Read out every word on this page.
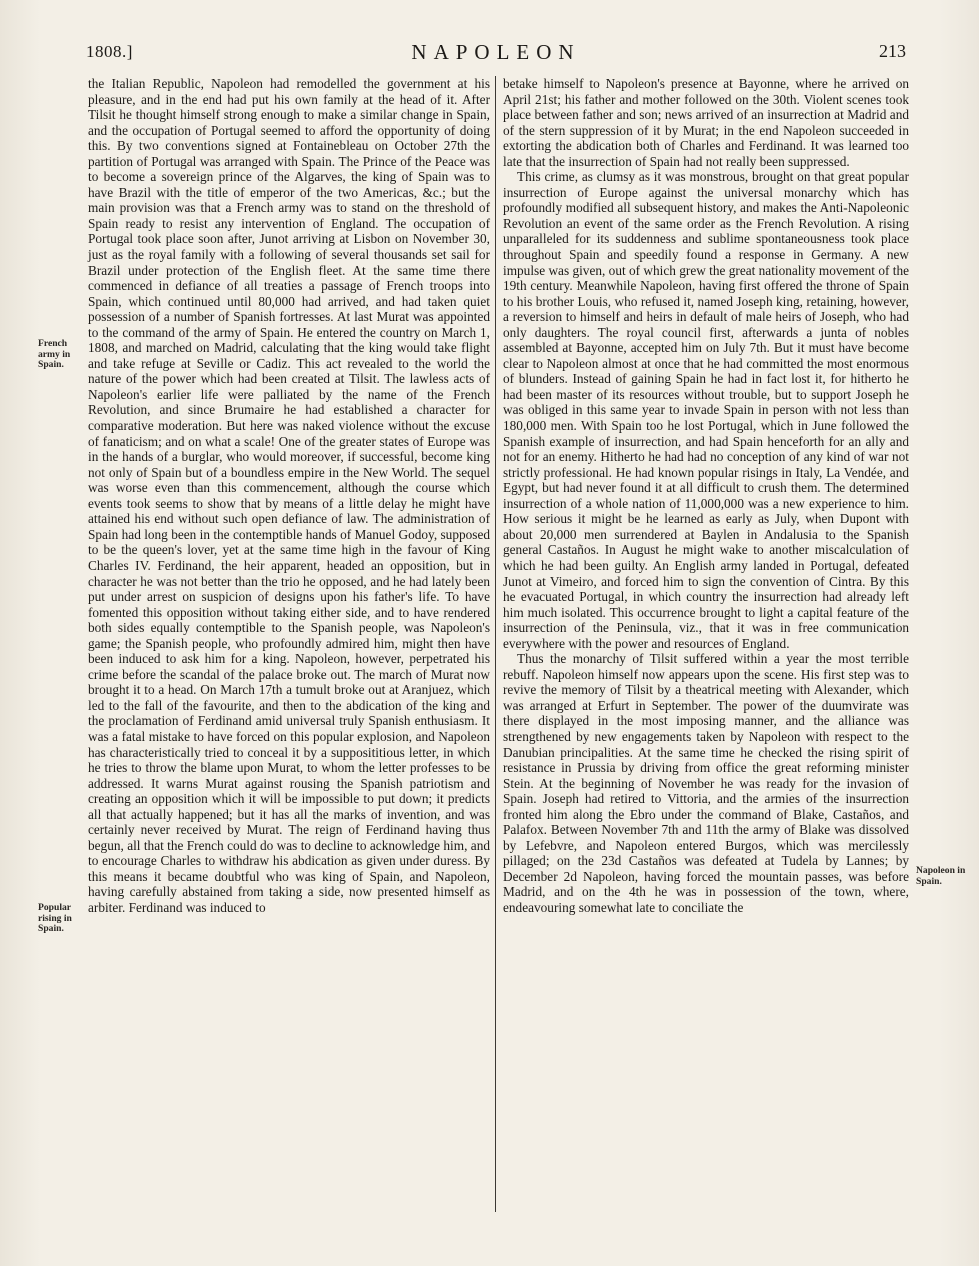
1808.]	NAPOLEON	213
French army in Spain.
Popular rising in Spain.
Napoleon in Spain.

the Italian Republic, Napoleon had remodelled the government at his pleasure, and in the end had put his own family at the head of it. After Tilsit he thought himself strong enough to make a similar change in Spain, and the occupation of Portugal seemed to afford the opportunity of doing this. By two conventions signed at Fontainebleau on October 27th the partition of Portugal was arranged with Spain. The Prince of the Peace was to become a sovereign prince of the Algarves, the king of Spain was to have Brazil with the title of emperor of the two Americas, &c.; but the main provision was that a French army was to stand on the threshold of Spain ready to resist any intervention of England. The occupation of Portugal took place soon after, Junot arriving at Lisbon on November 30, just as the royal family with a following of several thousands set sail for Brazil under protection of the English fleet. At the same time there commenced in defiance of all treaties a passage of French troops into Spain, which continued until 80,000 had arrived, and had taken quiet possession of a number of Spanish fortresses. At last Murat was appointed to the command of the army of Spain. He entered the country on March 1, 1808, and marched on Madrid, calculating that the king would take flight and take refuge at Seville or Cadiz. This act revealed to the world the nature of the power which had been created at Tilsit. The lawless acts of Napoleon's earlier life were palliated by the name of the French Revolution, and since Brumaire he had established a character for comparative moderation. But here was naked violence without the excuse of fanaticism; and on what a scale! One of the greater states of Europe was in the hands of a burglar, who would moreover, if successful, become king not only of Spain but of a boundless empire in the New World. The sequel was worse even than this commencement, although the course which events took seems to show that by means of a little delay he might have attained his end without such open defiance of law. The administration of Spain had long been in the contemptible hands of Manuel Godoy, supposed to be the queen's lover, yet at the same time high in the favour of King Charles IV. Ferdinand, the heir apparent, headed an opposition, but in character he was not better than the trio he opposed, and he had lately been put under arrest on suspicion of designs upon his father's life. To have fomented this opposition without taking either side, and to have rendered both sides equally contemptible to the Spanish people, was Napoleon's game; the Spanish people, who profoundly admired him, might then have been induced to ask him for a king. Napoleon, however, perpetrated his crime before the scandal of the palace broke out. The march of Murat now brought it to a head. On March 17th a tumult broke out at Aranjuez, which led to the fall of the favourite, and then to the abdication of the king and the proclamation of Ferdinand amid universal truly Spanish enthusiasm. It was a fatal mistake to have forced on this popular explosion, and Napoleon has characteristically tried to conceal it by a supposititious letter, in which he tries to throw the blame upon Murat, to whom the letter professes to be addressed. It warns Murat against rousing the Spanish patriotism and creating an opposition which it will be impossible to put down; it predicts all that actually happened; but it has all the marks of invention, and was certainly never received by Murat. The reign of Ferdinand having thus begun, all that the French could do was to decline to acknowledge him, and to encourage Charles to withdraw his abdication as given under duress. By this means it became doubtful who was king of Spain, and Napoleon, having carefully abstained from taking a side, now presented himself as arbiter. Ferdinand was induced to

betake himself to Napoleon's presence at Bayonne, where he arrived on April 21st; his father and mother followed on the 30th. Violent scenes took place between father and son; news arrived of an insurrection at Madrid and of the stern suppression of it by Murat; in the end Napoleon succeeded in extorting the abdication both of Charles and Ferdinand. It was learned too late that the insurrection of Spain had not really been suppressed.

This crime, as clumsy as it was monstrous, brought on that great popular insurrection of Europe against the universal monarchy which has profoundly modified all subsequent history, and makes the Anti-Napoleonic Revolution an event of the same order as the French Revolution. A rising unparalleled for its suddenness and sublime spontaneousness took place throughout Spain and speedily found a response in Germany. A new impulse was given, out of which grew the great nationality movement of the 19th century. Meanwhile Napoleon, having first offered the throne of Spain to his brother Louis, who refused it, named Joseph king, retaining, however, a reversion to himself and heirs in default of male heirs of Joseph, who had only daughters. The royal council first, afterwards a junta of nobles assembled at Bayonne, accepted him on July 7th. But it must have become clear to Napoleon almost at once that he had committed the most enormous of blunders. Instead of gaining Spain he had in fact lost it, for hitherto he had been master of its resources without trouble, but to support Joseph he was obliged in this same year to invade Spain in person with not less than 180,000 men. With Spain too he lost Portugal, which in June followed the Spanish example of insurrection, and had Spain henceforth for an ally and not for an enemy. Hitherto he had had no conception of any kind of war not strictly professional. He had known popular risings in Italy, La Vendée, and Egypt, but had never found it at all difficult to crush them. The determined insurrection of a whole nation of 11,000,000 was a new experience to him. How serious it might be he learned as early as July, when Dupont with about 20,000 men surrendered at Baylen in Andalusia to the Spanish general Castaños. In August he might wake to another miscalculation of which he had been guilty. An English army landed in Portugal, defeated Junot at Vimeiro, and forced him to sign the convention of Cintra. By this he evacuated Portugal, in which country the insurrection had already left him much isolated. This occurrence brought to light a capital feature of the insurrection of the Peninsula, viz., that it was in free communication everywhere with the power and resources of England.

Thus the monarchy of Tilsit suffered within a year the most terrible rebuff. Napoleon himself now appears upon the scene. His first step was to revive the memory of Tilsit by a theatrical meeting with Alexander, which was arranged at Erfurt in September. The power of the duumvirate was there displayed in the most imposing manner, and the alliance was strengthened by new engagements taken by Napoleon with respect to the Danubian principalities. At the same time he checked the rising spirit of resistance in Prussia by driving from office the great reforming minister Stein. At the beginning of November he was ready for the invasion of Spain. Joseph had retired to Vittoria, and the armies of the insurrection fronted him along the Ebro under the command of Blake, Castaños, and Palafox. Between November 7th and 11th the army of Blake was dissolved by Lefebvre, and Napoleon entered Burgos, which was mercilessly pillaged; on the 23d Castaños was defeated at Tudela by Lannes; by December 2d Napoleon, having forced the mountain passes, was before Madrid, and on the 4th he was in possession of the town, where, endeavouring somewhat late to conciliate the
